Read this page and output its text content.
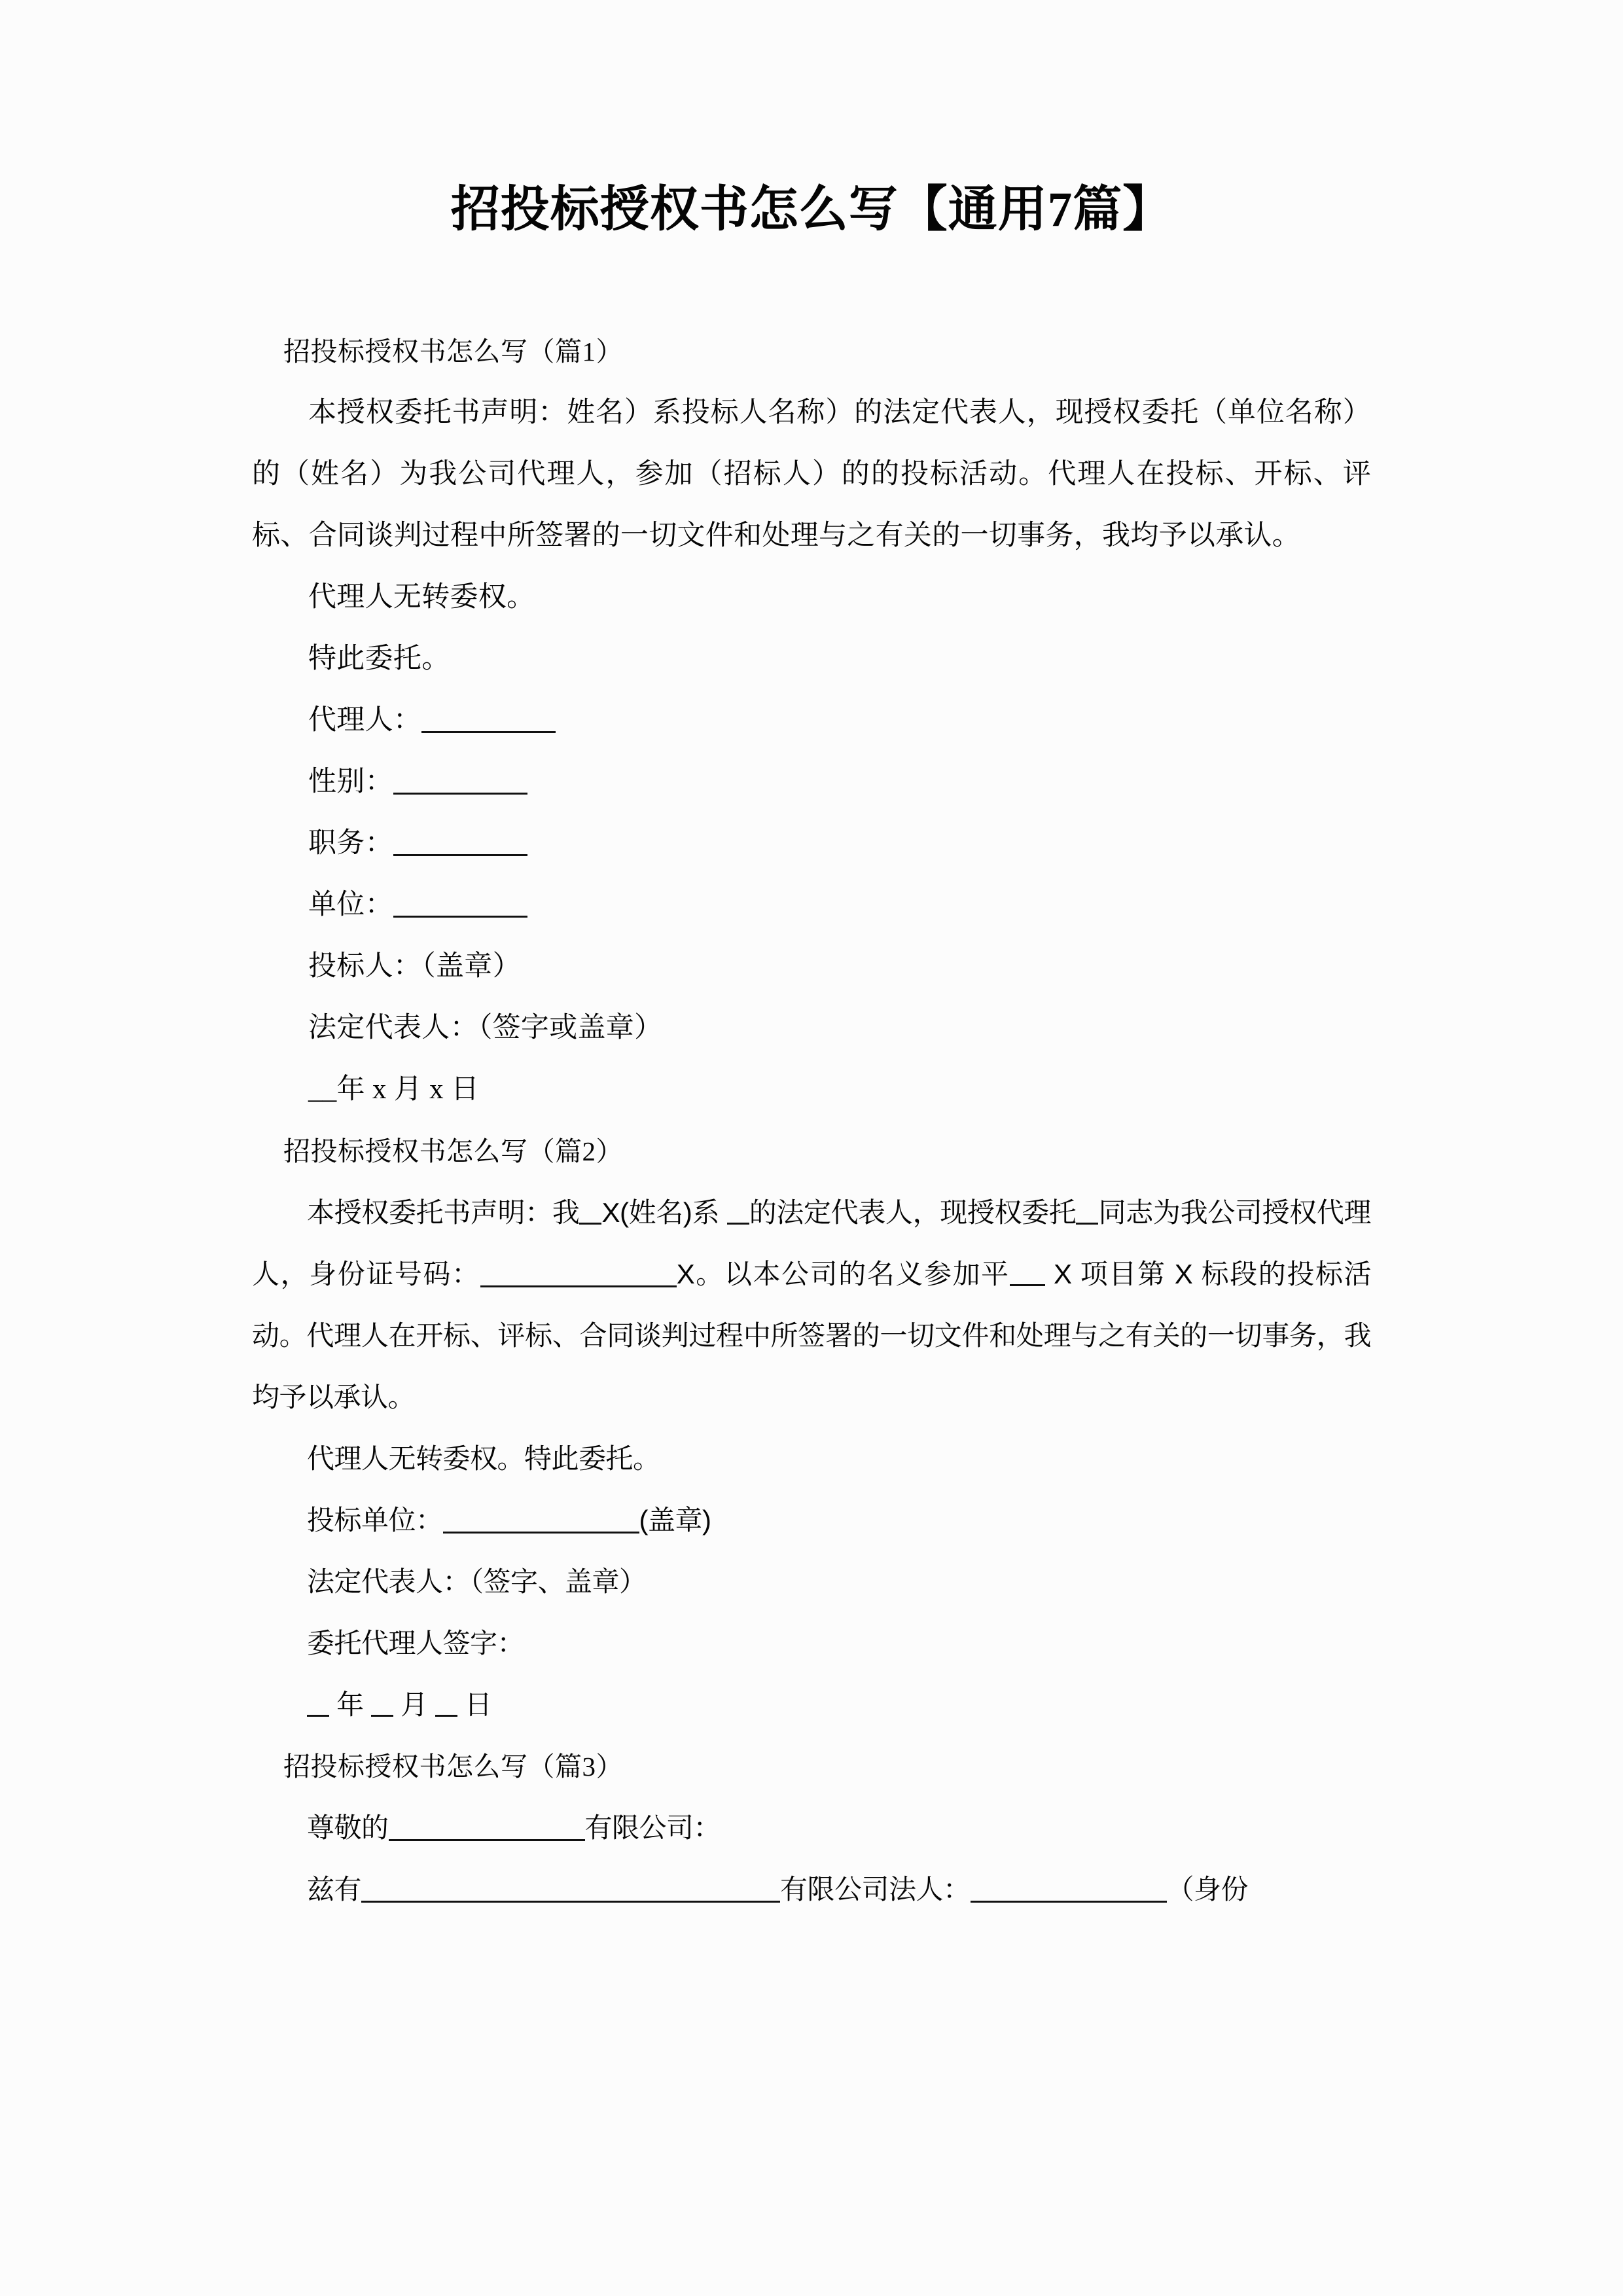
招投标授权书怎么写【通用7篇】
招投标授权书怎么写（篇1）
本授权委托书声明：姓名）系投标人名称）的法定代表人，现授权委托（单位名称）的（姓名）为我公司代理人，参加（招标人）的的投标活动。代理人在投标、开标、评标、合同谈判过程中所签署的一切文件和处理与之有关的一切事务，我均予以承认。
代理人无转委权。
特此委托。
代理人：
性别：
职务：
单位：
投标人：（盖章）
法定代表人：（签字或盖章）
__年 x 月 x 日
招投标授权书怎么写（篇2）
本授权委托书声明：我 X(姓名)系 的法定代表人，现授权委托 同志为我公司授权代理人，身份证号码：	X。以本公司的名义参加平 X 项目第 X 标段的投标活动。代理人在开标、评标、合同谈判过程中所签署的一切文件和处理与之有关的一切事务，我均予以承认。
代理人无转委权。特此委托。
投标单位：	(盖章)
法定代表人：（签字、盖章）
委托代理人签字：
年 月 日
招投标授权书怎么写（篇3）
尊敬的	有限公司：
兹有	有限公司法人：	（身份
